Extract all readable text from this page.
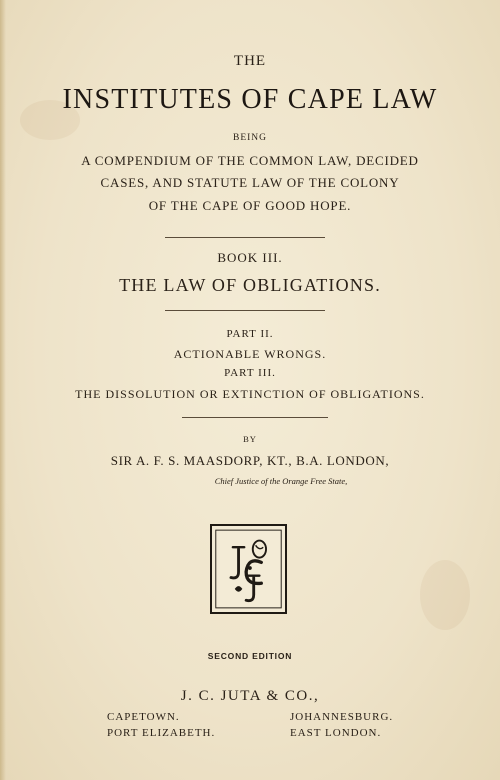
THE
INSTITUTES OF CAPE LAW
BEING
A COMPENDIUM OF THE COMMON LAW, DECIDED
CASES, AND STATUTE LAW OF THE COLONY
OF THE CAPE OF GOOD HOPE.
BOOK III.
THE LAW OF OBLIGATIONS.
PART II.
ACTIONABLE WRONGS.
PART III.
THE DISSOLUTION OR EXTINCTION OF OBLIGATIONS.
BY
SIR A. F. S. MAASDORP, KT., B.A. LONDON,
Chief Justice of the Orange Free State,
SECOND EDITION
J. C. JUTA & CO.,
CAPETOWN.	JOHANNESBURG.
PORT ELIZABETH.	EAST LONDON.
